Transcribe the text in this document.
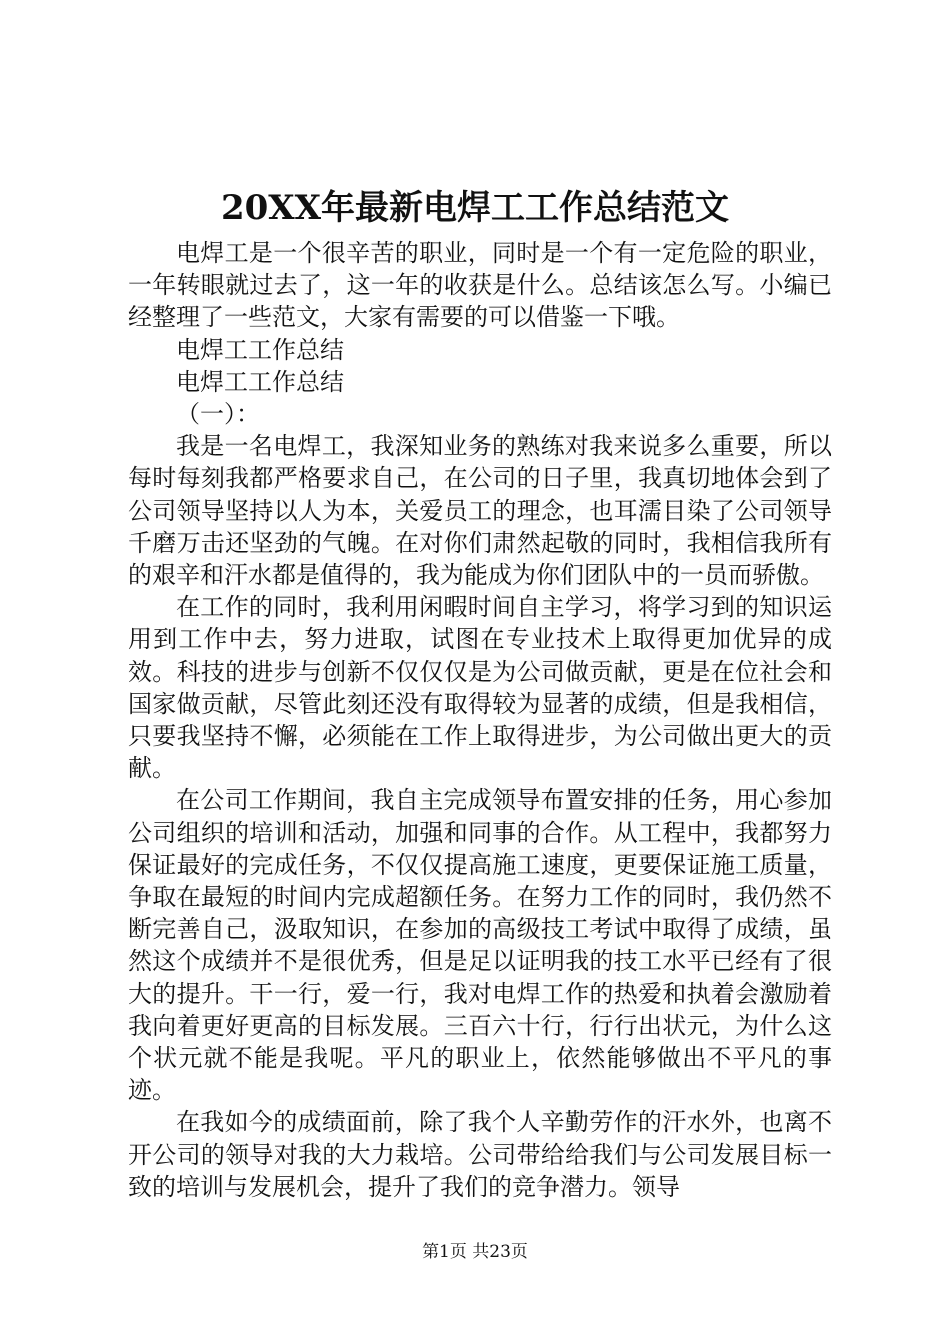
20XX年最新电焊工工作总结范文

电焊工是一个很辛苦的职业，同时是一个有一定危险的职业，一年转眼就过去了，这一年的收获是什么。总结该怎么写。小编已经整理了一些范文，大家有需要的可以借鉴一下哦。

电焊工工作总结

电焊工工作总结

（一）：

我是一名电焊工，我深知业务的熟练对我来说多么重要，所以每时每刻我都严格要求自己，在公司的日子里，我真切地体会到了公司领导坚持以人为本，关爱员工的理念，也耳濡目染了公司领导千磨万击还坚劲的气魄。在对你们肃然起敬的同时，我相信我所有的艰辛和汗水都是值得的，我为能成为你们团队中的一员而骄傲。

在工作的同时，我利用闲暇时间自主学习，将学习到的知识运用到工作中去，努力进取，试图在专业技术上取得更加优异的成效。科技的进步与创新不仅仅仅是为公司做贡献，更是在位社会和国家做贡献，尽管此刻还没有取得较为显著的成绩，但是我相信，只要我坚持不懈，必须能在工作上取得进步，为公司做出更大的贡献。

在公司工作期间，我自主完成领导布置安排的任务，用心参加公司组织的培训和活动，加强和同事的合作。从工程中，我都努力保证最好的完成任务，不仅仅提高施工速度，更要保证施工质量，争取在最短的时间内完成超额任务。在努力工作的同时，我仍然不断完善自己，汲取知识，在参加的高级技工考试中取得了成绩，虽然这个成绩并不是很优秀，但是足以证明我的技工水平已经有了很大的提升。干一行，爱一行，我对电焊工作的热爱和执着会激励着我向着更好更高的目标发展。三百六十行，行行出状元，为什么这个状元就不能是我呢。平凡的职业上，依然能够做出不平凡的事迹。

在我如今的成绩面前，除了我个人辛勤劳作的汗水外，也离不开公司的领导对我的大力栽培。公司带给给我们与公司发展目标一致的培训与发展机会，提升了我们的竞争潜力。领导

第1页 共23页
